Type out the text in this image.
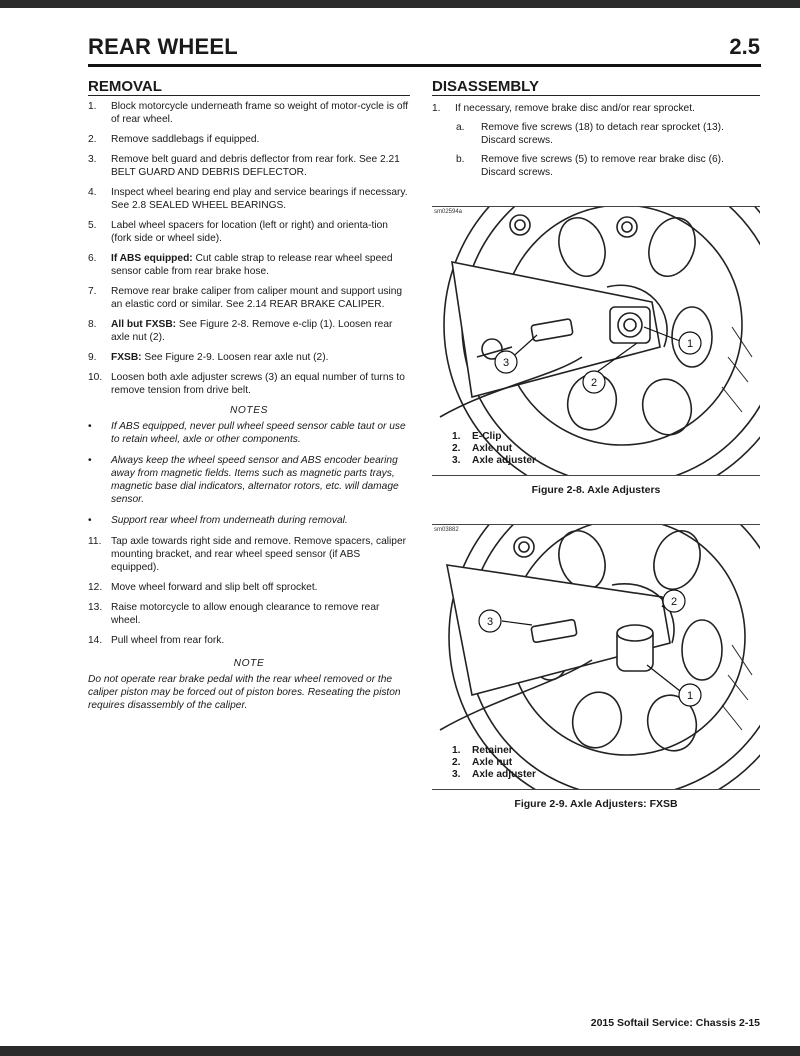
REAR WHEEL	2.5
REMOVAL
1.	Block motorcycle underneath frame so weight of motor-cycle is off of rear wheel.
2.	Remove saddlebags if equipped.
3.	Remove belt guard and debris deflector from rear fork. See 2.21 BELT GUARD AND DEBRIS DEFLECTOR.
4.	Inspect wheel bearing end play and service bearings if necessary. See 2.8 SEALED WHEEL BEARINGS.
5.	Label wheel spacers for location (left or right) and orienta-tion (fork side or wheel side).
6.	If ABS equipped: Cut cable strap to release rear wheel speed sensor cable from rear brake hose.
7.	Remove rear brake caliper from caliper mount and support using an elastic cord or similar. See 2.14 REAR BRAKE CALIPER.
8.	All but FXSB: See Figure 2-8. Remove e-clip (1). Loosen rear axle nut (2).
9.	FXSB: See Figure 2-9. Loosen rear axle nut (2).
10. Loosen both axle adjuster screws (3) an equal number of turns to remove tension from drive belt.
NOTES
•	If ABS equipped, never pull wheel speed sensor cable taut or use to retain wheel, axle or other components.
•	Always keep the wheel speed sensor and ABS encoder bearing away from magnetic fields. Items such as magnetic parts trays, magnetic base dial indicators, alternator rotors, etc. will damage sensor.
•	Support rear wheel from underneath during removal.
11. Tap axle towards right side and remove. Remove spacers, caliper mounting bracket, and rear wheel speed sensor (if ABS equipped).
12. Move wheel forward and slip belt off sprocket.
13. Raise motorcycle to allow enough clearance to remove rear wheel.
14. Pull wheel from rear fork.
NOTE
Do not operate rear brake pedal with the rear wheel removed or the caliper piston may be forced out of piston bores. Reseating the piston requires disassembly of the caliper.
DISASSEMBLY
1.	If necessary, remove brake disc and/or rear sprocket.
a.	Remove five screws (18) to detach rear sprocket (13). Discard screws.
b.	Remove five screws (5) to remove rear brake disc (6). Discard screws.
1
2
3
sm02594a
1.	E-Clip
2.	Axle nut
3.	Axle adjuster
Figure 2-8. Axle Adjusters
1
2
3
sm03882
1.	Retainer
2.	Axle nut
3.	Axle adjuster
Figure 2-9. Axle Adjusters: FXSB
2015 Softail Service: Chassis 2-15
